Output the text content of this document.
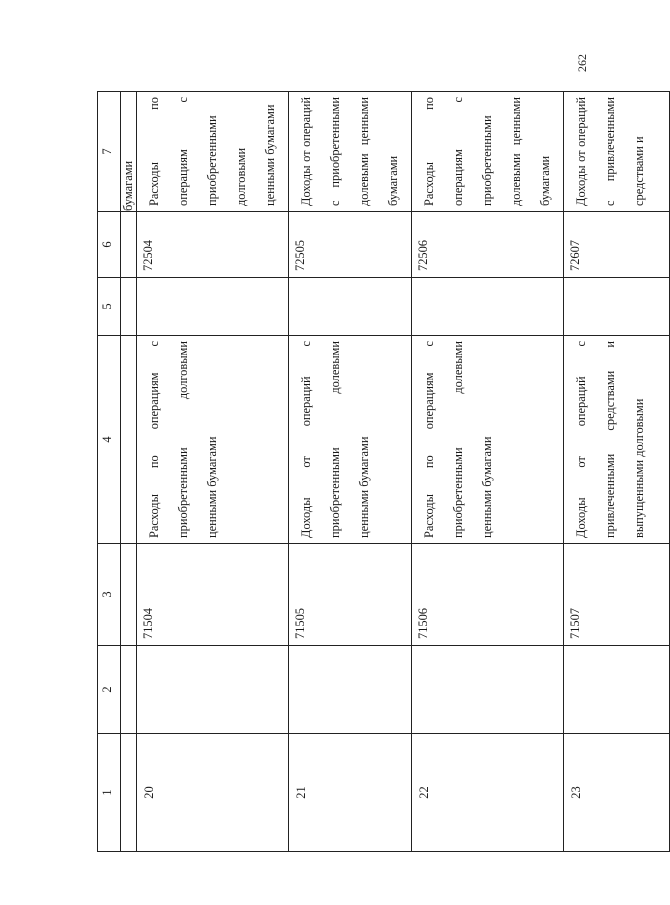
262
1	2	3	4	5	6	7
						бумагами
20		71504	Расходы по операциям с приобретенными долговыми ценными бумагами		72504	Расходы по операциям с приобретенными долговыми ценными бумагами
21		71505	Доходы от операций с приобретенными долевыми ценными бумагами		72505	Доходы от операций с приобретенными долевыми ценными бумагами
22		71506	Расходы по операциям с приобретенными долевыми ценными бумагами		72506	Расходы по операциям с приобретенными долевыми ценными бумагами
23		71507	Доходы от операций с привлеченными средствами и выпущенными долговыми		72607	Доходы от операций с привлеченными средствами и
